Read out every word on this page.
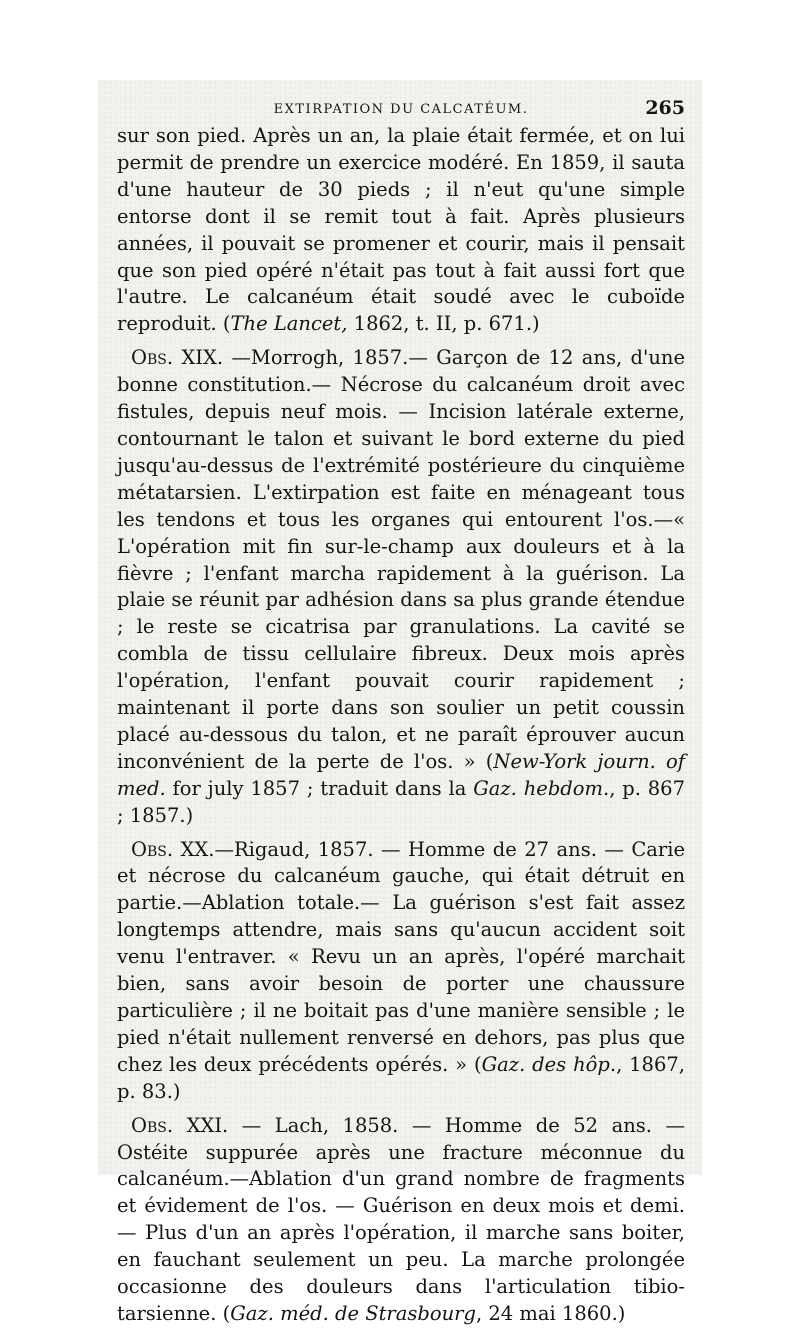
EXTIRPATION DU CALCATÉUM.	265

sur son pied. Après un an, la plaie était fermée, et on lui permit de prendre un exercice modéré. En 1859, il sauta d'une hauteur de 30 pieds ; il n'eut qu'une simple entorse dont il se remit tout à fait. Après plusieurs années, il pouvait se promener et courir, mais il pensait que son pied opéré n'était pas tout à fait aussi fort que l'autre. Le calcanéum était soudé avec le cuboïde reproduit. (The Lancet, 1862, t. II, p. 671.)

Obs. XIX. —Morrogh, 1857.— Garçon de 12 ans, d'une bonne constitution.— Nécrose du calcanéum droit avec fistules, depuis neuf mois. — Incision latérale externe, contournant le talon et suivant le bord externe du pied jusqu'au-dessus de l'extrémité postérieure du cinquième métatarsien. L'extirpation est faite en ménageant tous les tendons et tous les organes qui entourent l'os.—« L'opération mit fin sur-le-champ aux douleurs et à la fièvre ; l'enfant marcha rapidement à la guérison. La plaie se réunit par adhésion dans sa plus grande étendue ; le reste se cicatrisa par granulations. La cavité se combla de tissu cellulaire fibreux. Deux mois après l'opération, l'enfant pouvait courir rapidement ; maintenant il porte dans son soulier un petit coussin placé au-dessous du talon, et ne paraît éprouver aucun inconvénient de la perte de l'os. » (New-York journ. of med. for july 1857 ; traduit dans la Gaz. hebdom., p. 867 ; 1857.)

Obs. XX.—Rigaud, 1857. — Homme de 27 ans. — Carie et nécrose du calcanéum gauche, qui était détruit en partie.—Ablation totale.— La guérison s'est fait assez longtemps attendre, mais sans qu'aucun accident soit venu l'entraver. « Revu un an après, l'opéré marchait bien, sans avoir besoin de porter une chaussure particulière ; il ne boitait pas d'une manière sensible ; le pied n'était nullement renversé en dehors, pas plus que chez les deux précédents opérés. » (Gaz. des hôp., 1867, p. 83.)

Obs. XXI. — Lach, 1858. — Homme de 52 ans. — Ostéite suppurée après une fracture méconnue du calcanéum.—Ablation d'un grand nombre de fragments et évidement de l'os. — Guérison en deux mois et demi. — Plus d'un an après l'opération, il marche sans boiter, en fauchant seulement un peu. La marche prolongée occasionne des douleurs dans l'articulation tibio-tarsienne. (Gaz. méd. de Strasbourg, 24 mai 1860.)
